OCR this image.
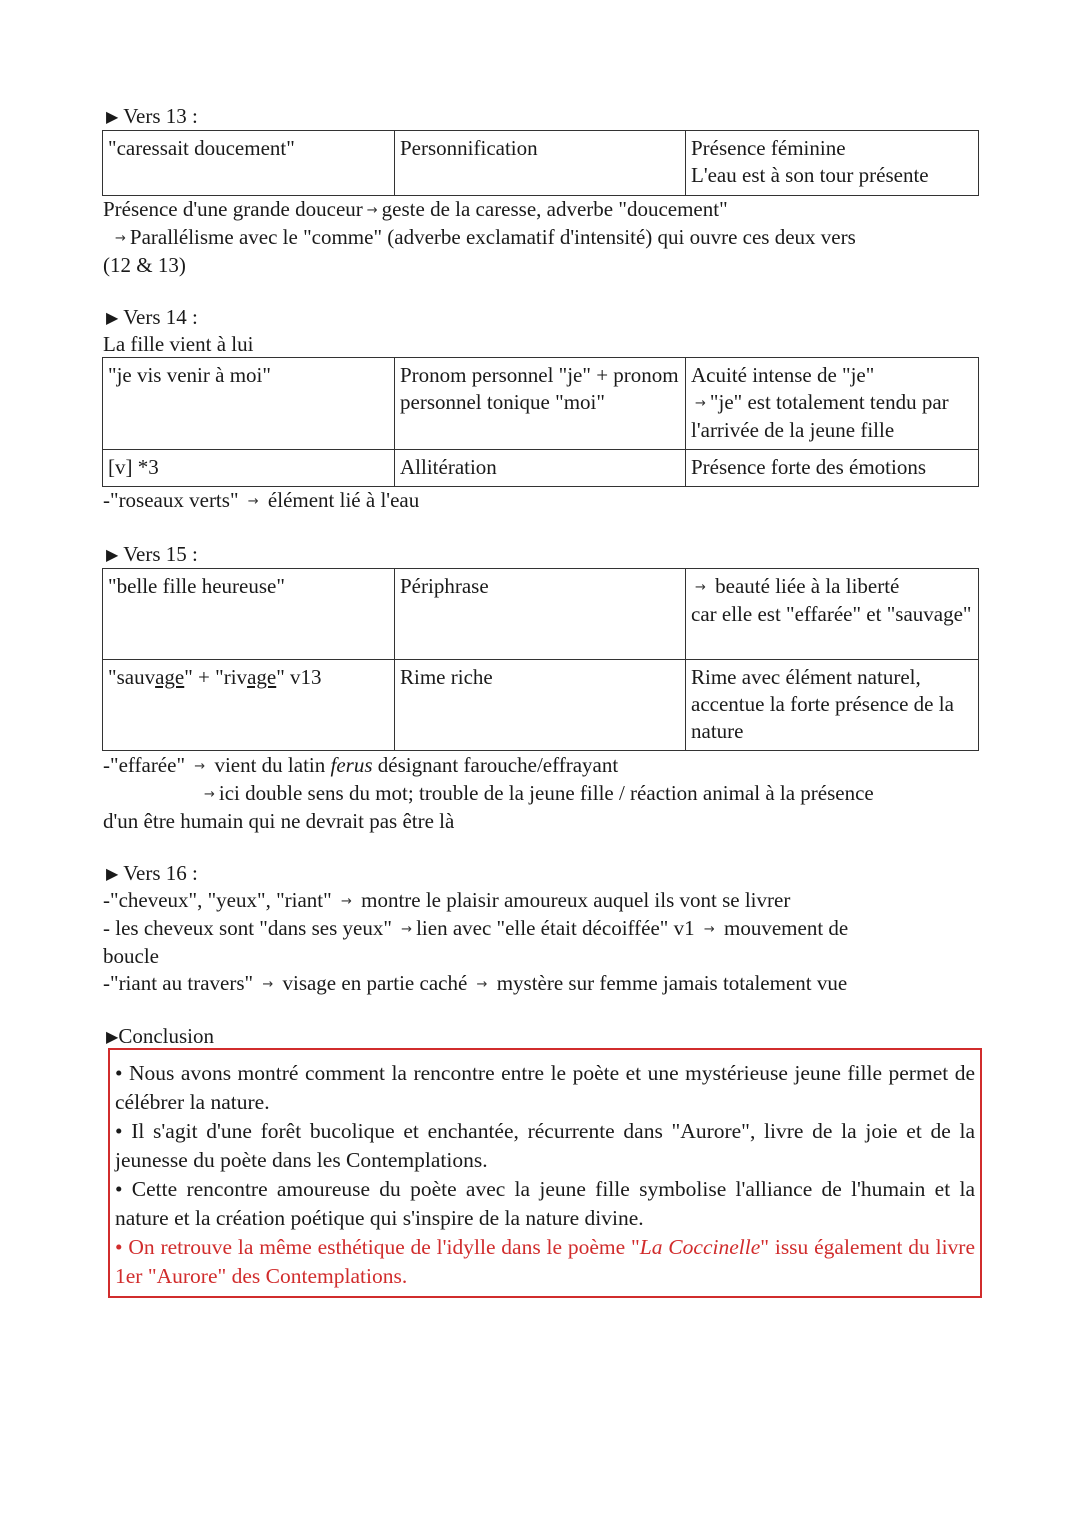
▶ Vers 13 :
"caressait doucement"	Personnification	Présence féminine
L'eau est à son tour présente
Présence d'une grande douceur → geste de la caresse, adverbe "doucement"
→ Parallélisme avec le "comme" (adverbe exclamatif d'intensité) qui ouvre ces deux vers
(12 & 13)
▶ Vers 14 :
La fille vient à lui
"je vis venir à moi"	Pronom personnel "je" + pronom personnel tonique "moi"	Acuité intense de "je"
→ "je" est totalement tendu par l'arrivée de la jeune fille

[v] *3	Allitération	Présence forte des émotions
-"roseaux verts" → élément lié à l'eau
▶ Vers 15 :
"belle fille heureuse"	Périphrase	→ beauté liée à la liberté
car elle est "effarée" et "sauvage"

"sauvage" + "rivage" v13	Rime riche	Rime avec élément naturel, accentue la forte présence de la nature
-"effarée" → vient du latin ferus désignant farouche/effrayant
→ ici double sens du mot; trouble de la jeune fille / réaction animal à la présence
d'un être humain qui ne devrait pas être là
▶ Vers 16 :
-"cheveux", "yeux", "riant" → montre le plaisir amoureux auquel ils vont se livrer
- les cheveux sont "dans ses yeux" → lien avec "elle était décoiffée" v1 → mouvement de
boucle
-"riant au travers" → visage en partie caché → mystère sur femme jamais totalement vue
▶Conclusion

• Nous avons montré comment la rencontre entre le poète et une mystérieuse jeune fille permet de célébrer la nature.

• Il s'agit d'une forêt bucolique et enchantée, récurrente dans "Aurore", livre de la joie et de la jeunesse du poète dans les Contemplations.

• Cette rencontre amoureuse du poète avec la jeune fille symbolise l'alliance de l'humain et la nature et la création poétique qui s'inspire de la nature divine.

• On retrouve la même esthétique de l'idylle dans le poème "La Coccinelle" issu également du livre 1er "Aurore" des Contemplations.
